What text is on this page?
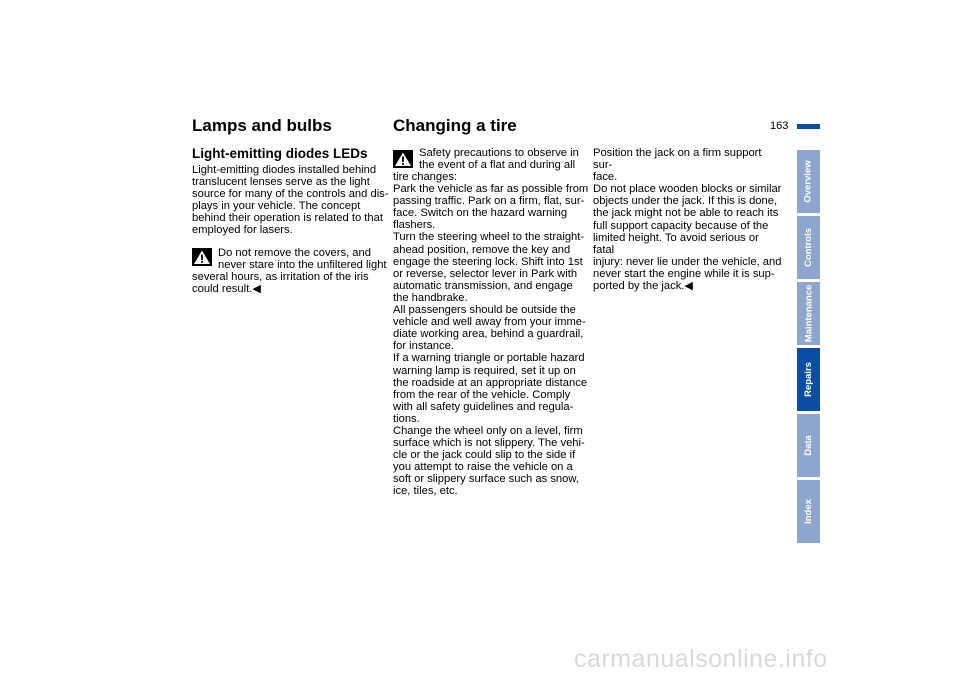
Lamps and bulbs
Light-emitting diodes LEDs

Light-emitting diodes installed behind
translucent lenses serve as the light
source for many of the controls and dis-
plays in your vehicle. The concept
behind their operation is related to that
employed for lasers.

Do not remove the covers, and
never stare into the unfiltered light

several hours, as irritation of the iris
could result.◀

Changing a tire

Safety precautions to observe in
the event of a flat and during all

tire changes:
Park the vehicle as far as possible from
passing traffic. Park on a firm, flat, sur-
face. Switch on the hazard warning
flashers.
Turn the steering wheel to the straight-
ahead position, remove the key and
engage the steering lock. Shift into 1st
or reverse, selector lever in Park with
automatic transmission, and engage
the handbrake.
All passengers should be outside the
vehicle and well away from your imme-
diate working area, behind a guardrail,
for instance.
If a warning triangle or portable hazard
warning lamp is required, set it up on
the roadside at an appropriate distance
from the rear of the vehicle. Comply
with all safety guidelines and regula-
tions.
Change the wheel only on a level, firm
surface which is not slippery. The vehi-
cle or the jack could slip to the side if
you attempt to raise the vehicle on a
soft or slippery surface such as snow,
ice, tiles, etc.

Position the jack on a firm support sur-
face.
Do not place wooden blocks or similar
objects under the jack. If this is done,
the jack might not be able to reach its
full support capacity because of the
limited height. To avoid serious or fatal
injury: never lie under the vehicle, and
never start the engine while it is sup-
ported by the jack.◀

163
Overview
Controls
Maintenance
Repairs
Data
Index
carmanualsonline.info
